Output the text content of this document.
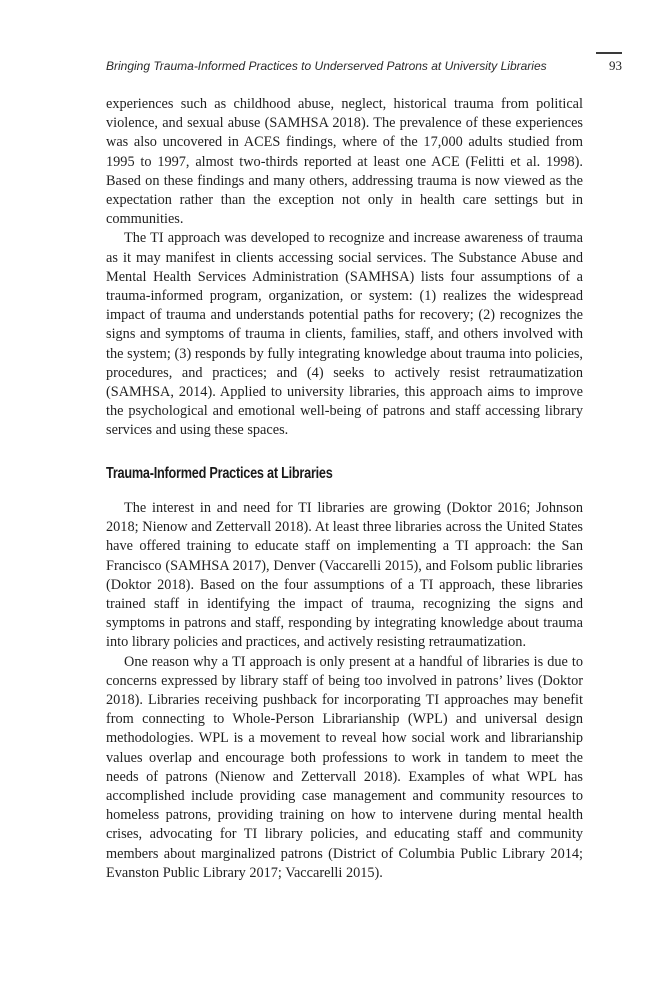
Bringing Trauma-Informed Practices to Underserved Patrons at University Libraries	93

experiences such as childhood abuse, neglect, historical trauma from political violence, and sexual abuse (SAMHSA 2018). The prevalence of these experiences was also uncovered in ACES findings, where of the 17,000 adults studied from 1995 to 1997, almost two-thirds reported at least one ACE (Felitti et al. 1998). Based on these findings and many others, addressing trauma is now viewed as the expectation rather than the exception not only in health care settings but in communities.

The TI approach was developed to recognize and increase awareness of trauma as it may manifest in clients accessing social services. The Substance Abuse and Mental Health Services Administration (SAMHSA) lists four assumptions of a trauma-informed program, organization, or system: (1) realizes the widespread impact of trauma and understands potential paths for recovery; (2) recognizes the signs and symptoms of trauma in clients, families, staff, and others involved with the system; (3) responds by fully integrating knowledge about trauma into policies, procedures, and practices; and (4) seeks to actively resist retraumatization (SAMHSA, 2014). Applied to university libraries, this approach aims to improve the psychological and emotional well-being of patrons and staff accessing library services and using these spaces.

Trauma-Informed Practices at Libraries

The interest in and need for TI libraries are growing (Doktor 2016; Johnson 2018; Nienow and Zettervall 2018). At least three libraries across the United States have offered training to educate staff on implementing a TI approach: the San Francisco (SAMHSA 2017), Denver (Vaccarelli 2015), and Folsom public libraries (Doktor 2018). Based on the four assumptions of a TI approach, these libraries trained staff in identifying the impact of trauma, recognizing the signs and symptoms in patrons and staff, responding by integrating knowledge about trauma into library policies and practices, and actively resisting retraumatization.

One reason why a TI approach is only present at a handful of libraries is due to concerns expressed by library staff of being too involved in patrons’ lives (Doktor 2018). Libraries receiving pushback for incorporating TI approaches may benefit from connecting to Whole-Person Librarianship (WPL) and universal design methodologies. WPL is a movement to reveal how social work and librarianship values overlap and encourage both professions to work in tandem to meet the needs of patrons (Nienow and Zettervall 2018). Examples of what WPL has accomplished include providing case management and community resources to homeless patrons, providing training on how to intervene during mental health crises, advocating for TI library policies, and educating staff and community members about marginalized patrons (District of Columbia Public Library 2014; Evanston Public Library 2017; Vaccarelli 2015).
